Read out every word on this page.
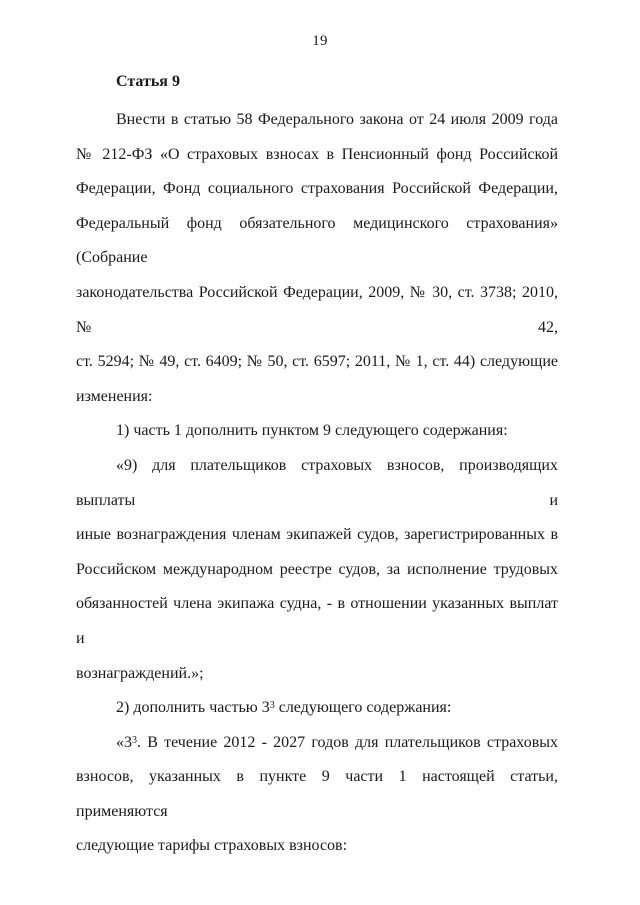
19
Статья 9

Внести в статью 58 Федерального закона от 24 июля 2009 года
№ 212-ФЗ «О страховых взносах в Пенсионный фонд Российской
Федерации, Фонд социального страхования Российской Федерации,
Федеральный фонд обязательного медицинского страхования» (Собрание
законодательства Российской Федерации, 2009, № 30, ст. 3738; 2010, № 42,
ст. 5294; № 49, ст. 6409; № 50, ст. 6597; 2011, № 1, ст. 44) следующие
изменения:

1) часть 1 дополнить пунктом 9 следующего содержания:

«9) для плательщиков страховых взносов, производящих выплаты и
иные вознаграждения членам экипажей судов, зарегистрированных в
Российском международном реестре судов, за исполнение трудовых
обязанностей члена экипажа судна, - в отношении указанных выплат и
вознаграждений.»;

2) дополнить частью $3^3$ следующего содержания:

«$3^3$. В течение 2012 - 2027 годов для плательщиков страховых
взносов, указанных в пункте 9 части 1 настоящей статьи, применяются
следующие тарифы страховых взносов:
